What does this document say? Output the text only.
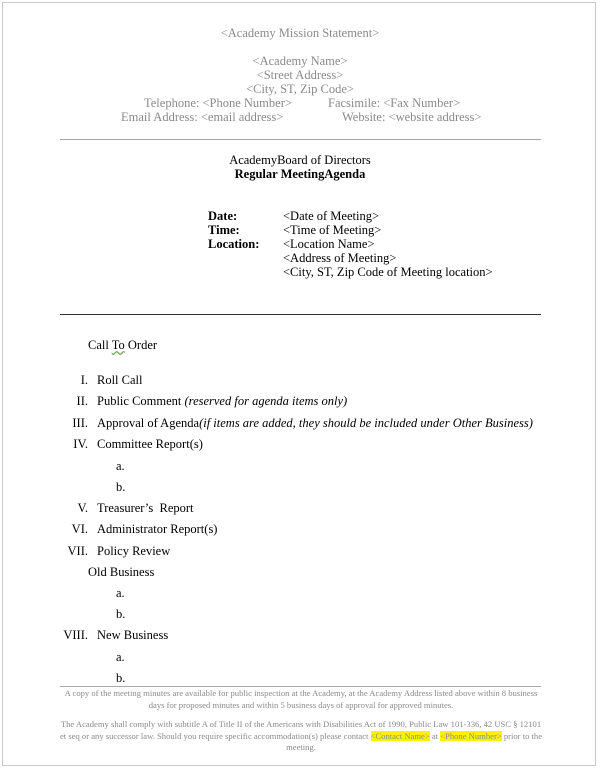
<Academy Mission Statement>
<Academy Name>
<Street Address>
<City, ST, Zip Code>
Telephone: <Phone Number>	Facsimile: <Fax Number>
Email Address: <email address>	Website: <website address>
AcademyBoard of Directors
Regular MeetingAgenda
Date:	<Date of Meeting>
Time:	<Time of Meeting>
Location: <Location Name>
<Address of Meeting>
<City, ST, Zip Code of Meeting location>
Call To Order
I. Roll Call
II. Public Comment (reserved for agenda items only)
III. Approval of Agenda(if items are added, they should be included under Other Business)
IV. Committee Report(s)
a.
b.
V. Treasurer’s  Report
VI. Administrator Report(s)
VII. Policy Review
Old Business
a.
b.
VIII. New Business
a.
b.
A copy of the meeting minutes are available for public inspection at the Academy, at the Academy Address listed above within 8 business days for proposed minutes and within 5 business days of approval for approved minutes.
The Academy shall comply with subtitle A of Title II of the Americans with Disabilities Act of 1990, Public Law 101-336, 42 USC § 12101 et seq or any successor law. Should you require specific accommodation(s) please contact <Contact Name> at <Phone Number> prior to the meeting.
